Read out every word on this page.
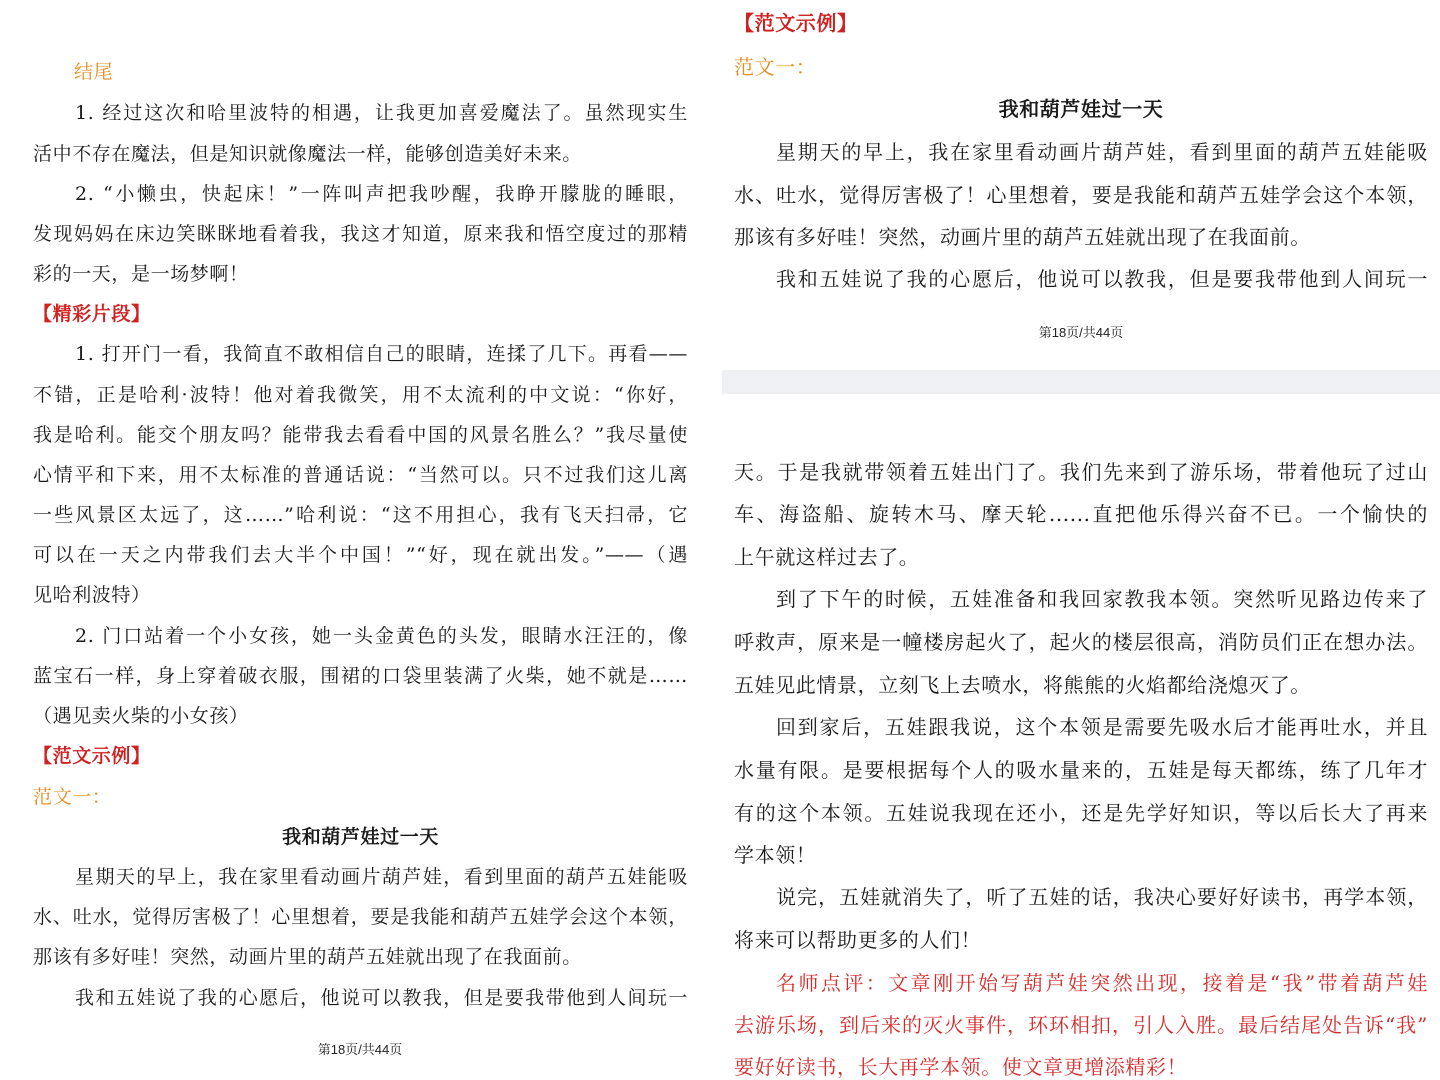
结尾
1. 经过这次和哈里波特的相遇，让我更加喜爱魔法了。虽然现实生
活中不存在魔法，但是知识就像魔法一样，能够创造美好未来。
2. “小懒虫，快起床！”一阵叫声把我吵醒，我睁开朦胧的睡眼，
发现妈妈在床边笑眯眯地看着我，我这才知道，原来我和悟空度过的那精
彩的一天，是一场梦啊！
【精彩片段】
1. 打开门一看，我简直不敢相信自己的眼睛，连揉了几下。再看——
不错，正是哈利·波特！他对着我微笑，用不太流利的中文说：“你好，
我是哈利。能交个朋友吗？能带我去看看中国的风景名胜么？”我尽量使
心情平和下来，用不太标准的普通话说：“当然可以。只不过我们这儿离
一些风景区太远了，这……”哈利说：“这不用担心，我有飞天扫帚，它
可以在一天之内带我们去大半个中国！”“好，现在就出发。”——（遇
见哈利波特）
2. 门口站着一个小女孩，她一头金黄色的头发，眼睛水汪汪的，像
蓝宝石一样，身上穿着破衣服，围裙的口袋里装满了火柴，她不就是……
（遇见卖火柴的小女孩）
【范文示例】
范文一：
我和葫芦娃过一天
星期天的早上，我在家里看动画片葫芦娃，看到里面的葫芦五娃能吸
水、吐水，觉得厉害极了！心里想着，要是我能和葫芦五娃学会这个本领，
那该有多好哇！突然，动画片里的葫芦五娃就出现了在我面前。
我和五娃说了我的心愿后，他说可以教我，但是要我带他到人间玩一
第18页/共44页
【范文示例】
范文一：
我和葫芦娃过一天
星期天的早上，我在家里看动画片葫芦娃，看到里面的葫芦五娃能吸
水、吐水，觉得厉害极了！心里想着，要是我能和葫芦五娃学会这个本领，
那该有多好哇！突然，动画片里的葫芦五娃就出现了在我面前。
我和五娃说了我的心愿后，他说可以教我，但是要我带他到人间玩一
第18页/共44页
天。于是我就带领着五娃出门了。我们先来到了游乐场，带着他玩了过山
车、海盗船、旋转木马、摩天轮......直把他乐得兴奋不已。一个愉快的
上午就这样过去了。
到了下午的时候，五娃准备和我回家教我本领。突然听见路边传来了
呼救声，原来是一幢楼房起火了，起火的楼层很高，消防员们正在想办法。
五娃见此情景，立刻飞上去喷水，将熊熊的火焰都给浇熄灭了。
回到家后，五娃跟我说，这个本领是需要先吸水后才能再吐水，并且
水量有限。是要根据每个人的吸水量来的，五娃是每天都练，练了几年才
有的这个本领。五娃说我现在还小，还是先学好知识，等以后长大了再来
学本领！
说完，五娃就消失了，听了五娃的话，我决心要好好读书，再学本领，
将来可以帮助更多的人们！
名师点评：文章刚开始写葫芦娃突然出现，接着是“我”带着葫芦娃
去游乐场，到后来的灭火事件，环环相扣，引人入胜。最后结尾处告诉“我”
要好好读书，长大再学本领。使文章更增添精彩！
